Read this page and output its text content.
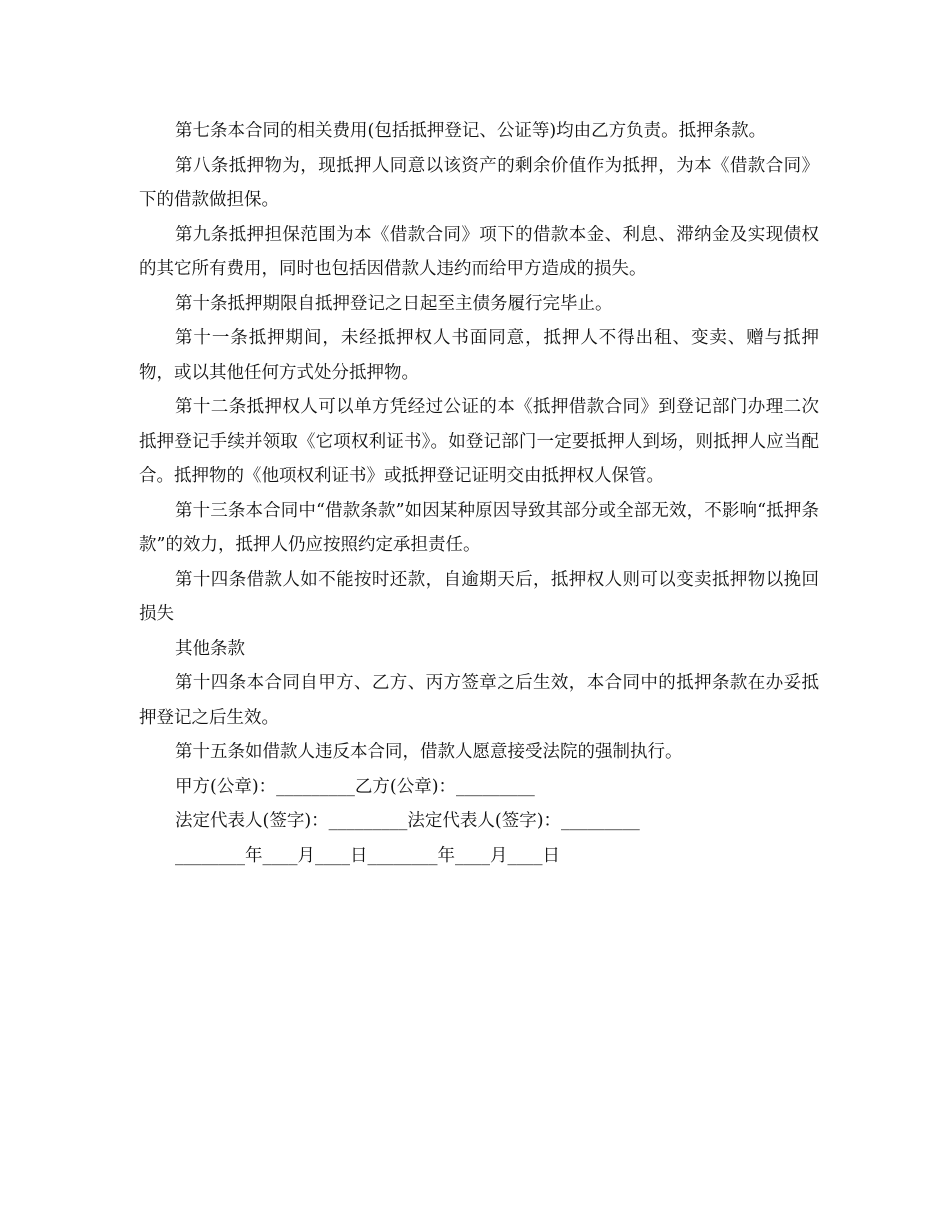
第七条本合同的相关费用(包括抵押登记、公证等)均由乙方负责。抵押条款。

第八条抵押物为，现抵押人同意以该资产的剩余价值作为抵押，为本《借款合同》下的借款做担保。

第九条抵押担保范围为本《借款合同》项下的借款本金、利息、滞纳金及实现债权的其它所有费用，同时也包括因借款人违约而给甲方造成的损失。

第十条抵押期限自抵押登记之日起至主债务履行完毕止。

第十一条抵押期间，未经抵押权人书面同意，抵押人不得出租、变卖、赠与抵押物，或以其他任何方式处分抵押物。

第十二条抵押权人可以单方凭经过公证的本《抵押借款合同》到登记部门办理二次抵押登记手续并领取《它项权利证书》。如登记部门一定要抵押人到场，则抵押人应当配合。抵押物的《他项权利证书》或抵押登记证明交由抵押权人保管。

第十三条本合同中“借款条款”如因某种原因导致其部分或全部无效，不影响“抵押条款”的效力，抵押人仍应按照约定承担责任。

第十四条借款人如不能按时还款，自逾期天后，抵押权人则可以变卖抵押物以挽回损失

其他条款

第十四条本合同自甲方、乙方、丙方签章之后生效，本合同中的抵押条款在办妥抵押登记之后生效。

第十五条如借款人违反本合同，借款人愿意接受法院的强制执行。

甲方(公章)：_________乙方(公章)：_________

法定代表人(签字)：_________法定代表人(签字)：_________

________年____月____日________年____月____日
